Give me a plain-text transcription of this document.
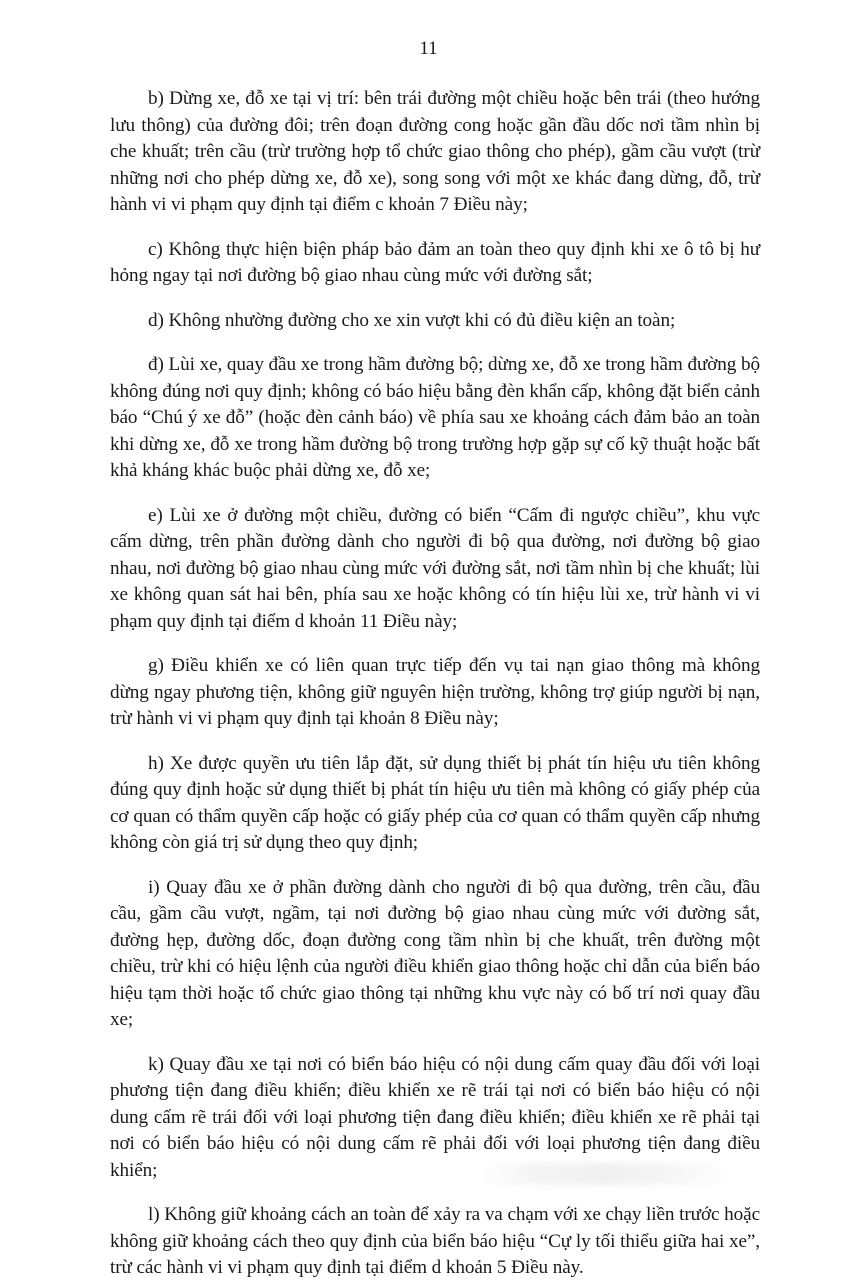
11

b) Dừng xe, đỗ xe tại vị trí: bên trái đường một chiều hoặc bên trái (theo hướng lưu thông) của đường đôi; trên đoạn đường cong hoặc gần đầu dốc nơi tầm nhìn bị che khuất; trên cầu (trừ trường hợp tổ chức giao thông cho phép), gầm cầu vượt (trừ những nơi cho phép dừng xe, đỗ xe), song song với một xe khác đang dừng, đỗ, trừ hành vi vi phạm quy định tại điểm c khoản 7 Điều này;

c) Không thực hiện biện pháp bảo đảm an toàn theo quy định khi xe ô tô bị hư hỏng ngay tại nơi đường bộ giao nhau cùng mức với đường sắt;

d) Không nhường đường cho xe xin vượt khi có đủ điều kiện an toàn;

đ) Lùi xe, quay đầu xe trong hầm đường bộ; dừng xe, đỗ xe trong hầm đường bộ không đúng nơi quy định; không có báo hiệu bằng đèn khẩn cấp, không đặt biển cảnh báo “Chú ý xe đỗ” (hoặc đèn cảnh báo) về phía sau xe khoảng cách đảm bảo an toàn khi dừng xe, đỗ xe trong hầm đường bộ trong trường hợp gặp sự cố kỹ thuật hoặc bất khả kháng khác buộc phải dừng xe, đỗ xe;

e) Lùi xe ở đường một chiều, đường có biển “Cấm đi ngược chiều”, khu vực cấm dừng, trên phần đường dành cho người đi bộ qua đường, nơi đường bộ giao nhau, nơi đường bộ giao nhau cùng mức với đường sắt, nơi tầm nhìn bị che khuất; lùi xe không quan sát hai bên, phía sau xe hoặc không có tín hiệu lùi xe, trừ hành vi vi phạm quy định tại điểm d khoản 11 Điều này;

g) Điều khiển xe có liên quan trực tiếp đến vụ tai nạn giao thông mà không dừng ngay phương tiện, không giữ nguyên hiện trường, không trợ giúp người bị nạn, trừ hành vi vi phạm quy định tại khoản 8 Điều này;

h) Xe được quyền ưu tiên lắp đặt, sử dụng thiết bị phát tín hiệu ưu tiên không đúng quy định hoặc sử dụng thiết bị phát tín hiệu ưu tiên mà không có giấy phép của cơ quan có thẩm quyền cấp hoặc có giấy phép của cơ quan có thẩm quyền cấp nhưng không còn giá trị sử dụng theo quy định;

i) Quay đầu xe ở phần đường dành cho người đi bộ qua đường, trên cầu, đầu cầu, gầm cầu vượt, ngầm, tại nơi đường bộ giao nhau cùng mức với đường sắt, đường hẹp, đường dốc, đoạn đường cong tầm nhìn bị che khuất, trên đường một chiều, trừ khi có hiệu lệnh của người điều khiển giao thông hoặc chỉ dẫn của biển báo hiệu tạm thời hoặc tổ chức giao thông tại những khu vực này có bố trí nơi quay đầu xe;

k) Quay đầu xe tại nơi có biển báo hiệu có nội dung cấm quay đầu đối với loại phương tiện đang điều khiển; điều khiển xe rẽ trái tại nơi có biển báo hiệu có nội dung cấm rẽ trái đối với loại phương tiện đang điều khiển; điều khiển xe rẽ phải tại nơi có biển báo hiệu có nội dung cấm rẽ phải đối với loại phương tiện đang điều khiển;

l) Không giữ khoảng cách an toàn để xảy ra va chạm với xe chạy liền trước hoặc không giữ khoảng cách theo quy định của biển báo hiệu “Cự ly tối thiểu giữa hai xe”, trừ các hành vi vi phạm quy định tại điểm d khoản 5 Điều này.
